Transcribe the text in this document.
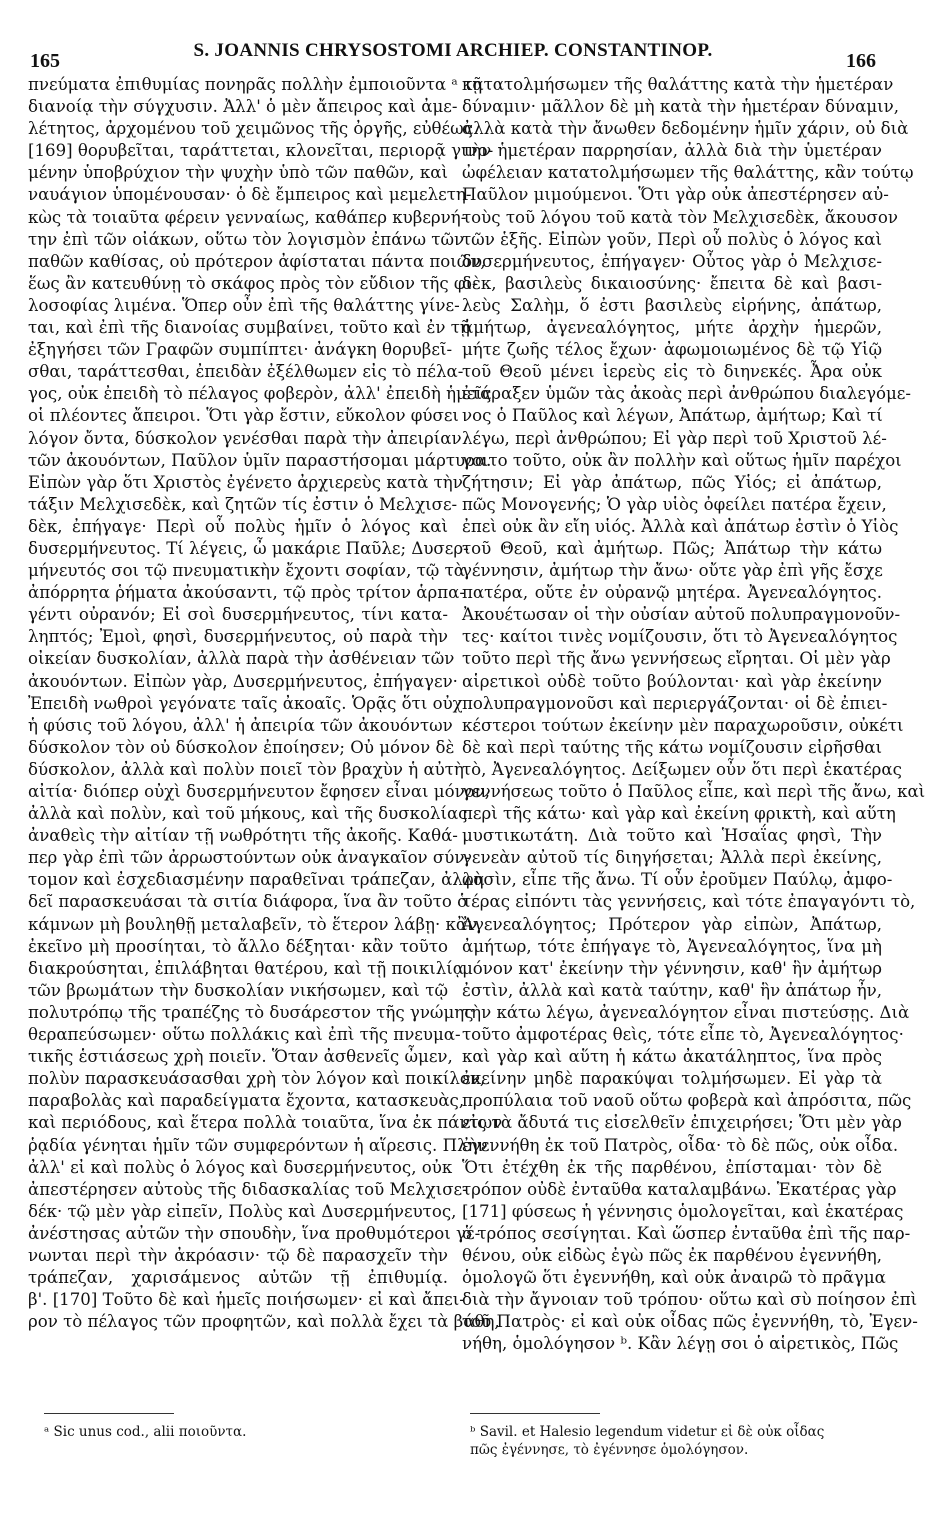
165	S. JOANNIS CHRYSOSTOMI ARCHIEP. CONSTANTINOP.	166
πνεύματα ἐπιθυμίας πονηρᾶς πολλὴν ἐμποιοῦντα ᵃ τῇ
διανοίᾳ τὴν σύγχυσιν. Ἀλλ' ὁ μὲν ἄπειρος καὶ ἀμε-
λέτητος, ἀρχομένου τοῦ χειμῶνος τῆς ὀργῆς, εὐθέως
[169] θορυβεῖται, ταράττεται, κλονεῖται, περιορᾷ γινο-
μένην ὑποβρύχιον τὴν ψυχὴν ὑπὸ τῶν παθῶν, καὶ
ναυάγιον ὑπομένουσαν· ὁ δὲ ἔμπειρος καὶ μεμελετη-
κὼς τὰ τοιαῦτα φέρειν γενναίως, καθάπερ κυβερνή-
την ἐπὶ τῶν οἰάκων, οὕτω τὸν λογισμὸν ἐπάνω τῶν
παθῶν καθίσας, οὐ πρότερον ἀφίσταται πάντα ποιῶν,
ἕως ἂν κατευθύνῃ τὸ σκάφος πρὸς τὸν εὔδιον τῆς φι-
λοσοφίας λιμένα. Ὅπερ οὖν ἐπὶ τῆς θαλάττης γίνε-
ται, καὶ ἐπὶ τῆς διανοίας συμβαίνει, τοῦτο καὶ ἐν τῇ
ἐξηγήσει τῶν Γραφῶν συμπίπτει· ἀνάγκη θορυβεῖ-
σθαι, ταράττεσθαι, ἐπειδὰν ἐξέλθωμεν εἰς τὸ πέλα-
γος, οὐκ ἐπειδὴ τὸ πέλαγος φοβερὸν, ἀλλ' ἐπειδὴ ἡμεῖς
οἱ πλέοντες ἄπειροι. Ὅτι γὰρ ἔστιν, εὔκολον φύσει
λόγον ὄντα, δύσκολον γενέσθαι παρὰ τὴν ἀπειρίαν
τῶν ἀκουόντων, Παῦλον ὑμῖν παραστήσομαι μάρτυρα.
Εἰπὼν γὰρ ὅτι Χριστὸς ἐγένετο ἀρχιερεὺς κατὰ τὴν
τάξιν Μελχισεδὲκ, καὶ ζητῶν τίς ἐστιν ὁ Μελχισε-
δὲκ, ἐπήγαγε· Περὶ οὗ πολὺς ἡμῖν ὁ λόγος καὶ
δυσερμήνευτος. Τί λέγεις, ὦ μακάριε Παῦλε; Δυσερ-
μήνευτός σοι τῷ πνευματικὴν ἔχοντι σοφίαν, τῷ τὰ
ἀπόρρητα ῥήματα ἀκούσαντι, τῷ πρὸς τρίτον ἁρπα-
γέντι οὐρανόν; Εἰ σοὶ δυσερμήνευτος, τίνι κατα-
ληπτός; Ἐμοὶ, φησὶ, δυσερμήνευτος, οὐ παρὰ τὴν
οἰκείαν δυσκολίαν, ἀλλὰ παρὰ τὴν ἀσθένειαν τῶν
ἀκουόντων. Εἰπὼν γὰρ, Δυσερμήνευτος, ἐπήγαγεν·
Ἐπειδὴ νωθροὶ γεγόνατε ταῖς ἀκοαῖς. Ὁρᾷς ὅτι οὐχ
ἡ φύσις τοῦ λόγου, ἀλλ' ἡ ἀπειρία τῶν ἀκουόντων
δύσκολον τὸν οὐ δύσκολον ἐποίησεν; Οὐ μόνον δὲ
δύσκολον, ἀλλὰ καὶ πολὺν ποιεῖ τὸν βραχὺν ἡ αὐτὴ
αἰτία· διόπερ οὐχὶ δυσερμήνευτον ἔφησεν εἶναι μόνον,
ἀλλὰ καὶ πολὺν, καὶ τοῦ μήκους, καὶ τῆς δυσκολίας
ἀναθεὶς τὴν αἰτίαν τῇ νωθρότητι τῆς ἀκοῆς. Καθά-
περ γὰρ ἐπὶ τῶν ἀρρωστούντων οὐκ ἀναγκαῖον σύν-
τομον καὶ ἐσχεδιασμένην παραθεῖναι τράπεζαν, ἀλλὰ
δεῖ παρασκευάσαι τὰ σιτία διάφορα, ἵνα ἂν τοῦτο ὁ
κάμνων μὴ βουληθῇ μεταλαβεῖν, τὸ ἕτερον λάβῃ· κἂν
ἐκεῖνο μὴ προσίηται, τὸ ἄλλο δέξηται· κἂν τοῦτο
διακρούσηται, ἐπιλάβηται θατέρου, καὶ τῇ ποικιλίᾳ
τῶν βρωμάτων τὴν δυσκολίαν νικήσωμεν, καὶ τῷ
πολυτρόπῳ τῆς τραπέζης τὸ δυσάρεστον τῆς γνώμης
θεραπεύσωμεν· οὕτω πολλάκις καὶ ἐπὶ τῆς πνευμα-
τικῆς ἑστιάσεως χρὴ ποιεῖν. Ὅταν ἀσθενεῖς ὦμεν,
πολὺν παρασκευάσασθαι χρὴ τὸν λόγον καὶ ποικίλον,
παραβολὰς καὶ παραδείγματα ἔχοντα, κατασκευὰς,
καὶ περιόδους, καὶ ἕτερα πολλὰ τοιαῦτα, ἵνα ἐκ πάντων
ῥᾳδία γένηται ἡμῖν τῶν συμφερόντων ἡ αἵρεσις. Πλὴν
ἀλλ' εἰ καὶ πολὺς ὁ λόγος καὶ δυσερμήνευτος, οὐκ
ἀπεστέρησεν αὐτοὺς τῆς διδασκαλίας τοῦ Μελχισε-
δέκ· τῷ μὲν γὰρ εἰπεῖν, Πολὺς καὶ Δυσερμήνευτος,
ἀνέστησας αὐτῶν τὴν σπουδὴν, ἵνα προθυμότεροι γέ-
νωνται περὶ τὴν ἀκρόασιν· τῷ δὲ παρασχεῖν τὴν
τράπεζαν, χαρισάμενος αὐτῶν τῇ ἐπιθυμίᾳ.
β'. [170] Τοῦτο δὲ καὶ ἡμεῖς ποιήσωμεν· εἰ καὶ ἄπει-
ρον τὸ πέλαγος τῶν προφητῶν, καὶ πολλὰ ἔχει τὰ βάθη,
κατατολμήσωμεν τῆς θαλάττης κατὰ τὴν ἡμετέραν
δύναμιν· μᾶλλον δὲ μὴ κατὰ τὴν ἡμετέραν δύναμιν,
ἀλλὰ κατὰ τὴν ἄνωθεν δεδομένην ἡμῖν χάριν, οὐ διὰ
τὴν ἡμετέραν παρρησίαν, ἀλλὰ διὰ τὴν ὑμετέραν
ὠφέλειαν κατατολμήσωμεν τῆς θαλάττης, κἂν τούτῳ
Παῦλον μιμούμενοι. Ὅτι γὰρ οὐκ ἀπεστέρησεν αὐ-
τοὺς τοῦ λόγου τοῦ κατὰ τὸν Μελχισεδὲκ, ἄκουσον
τῶν ἑξῆς. Εἰπὼν γοῦν, Περὶ οὗ πολὺς ὁ λόγος καὶ
δυσερμήνευτος, ἐπήγαγεν· Οὗτος γὰρ ὁ Μελχισε-
δὲκ, βασιλεὺς δικαιοσύνης· ἔπειτα δὲ καὶ βασι-
λεὺς Σαλὴμ, ὅ ἐστι βασιλεὺς εἰρήνης, ἀπάτωρ,
ἀμήτωρ, ἀγενεαλόγητος, μήτε ἀρχὴν ἡμερῶν,
μήτε ζωῆς τέλος ἔχων· ἀφωμοιωμένος δὲ τῷ Υἱῷ
τοῦ Θεοῦ μένει ἱερεὺς εἰς τὸ διηνεκές. Ἆρα οὐκ
ἐτάραξεν ὑμῶν τὰς ἀκοὰς περὶ ἀνθρώπου διαλεγόμε-
νος ὁ Παῦλος καὶ λέγων, Ἀπάτωρ, ἀμήτωρ; Καὶ τί
λέγω, περὶ ἀνθρώπου; Εἰ γὰρ περὶ τοῦ Χριστοῦ λέ-
γοιτο τοῦτο, οὐκ ἂν πολλὴν καὶ οὕτως ἡμῖν παρέχοι
ζήτησιν; Εἰ γὰρ ἀπάτωρ, πῶς Υἱός; εἰ ἀπάτωρ,
πῶς Μονογενής; Ὁ γὰρ υἱὸς ὀφείλει πατέρα ἔχειν,
ἐπεὶ οὐκ ἂν εἴη υἱός. Ἀλλὰ καὶ ἀπάτωρ ἐστὶν ὁ Υἱὸς
τοῦ Θεοῦ, καὶ ἀμήτωρ. Πῶς; Ἀπάτωρ τὴν κάτω
γέννησιν, ἀμήτωρ τὴν ἄνω· οὔτε γὰρ ἐπὶ γῆς ἔσχε
πατέρα, οὔτε ἐν οὐρανῷ μητέρα. Ἀγενεαλόγητος.
Ἀκουέτωσαν οἱ τὴν οὐσίαν αὐτοῦ πολυπραγμονοῦν-
τες· καίτοι τινὲς νομίζουσιν, ὅτι τὸ Ἀγενεαλόγητος
τοῦτο περὶ τῆς ἄνω γεννήσεως εἴρηται. Οἱ μὲν γὰρ
αἱρετικοὶ οὐδὲ τοῦτο βούλονται· καὶ γὰρ ἐκείνην
πολυπραγμονοῦσι καὶ περιεργάζονται· οἱ δὲ ἐπιει-
κέστεροι τούτων ἐκείνην μὲν παραχωροῦσιν, οὐκέτι
δὲ καὶ περὶ ταύτης τῆς κάτω νομίζουσιν εἰρῆσθαι
τὸ, Ἀγενεαλόγητος. Δείξωμεν οὖν ὅτι περὶ ἑκατέρας
γεννήσεως τοῦτο ὁ Παῦλος εἶπε, καὶ περὶ τῆς ἄνω, καὶ
περὶ τῆς κάτω· καὶ γὰρ καὶ ἐκείνη φρικτὴ, καὶ αὕτη
μυστικωτάτη. Διὰ τοῦτο καὶ Ἡσαΐας φησὶ, Τὴν
γενεὰν αὐτοῦ τίς διηγήσεται; Ἀλλὰ περὶ ἐκείνης,
φησὶν, εἶπε τῆς ἄνω. Τί οὖν ἐροῦμεν Παύλῳ, ἀμφο-
τέρας εἰπόντι τὰς γεννήσεις, καὶ τότε ἐπαγαγόντι τὸ,
Ἀγενεαλόγητος; Πρότερον γὰρ εἰπὼν, Ἀπάτωρ,
ἀμήτωρ, τότε ἐπήγαγε τὸ, Ἀγενεαλόγητος, ἵνα μὴ
μόνον κατ' ἐκείνην τὴν γέννησιν, καθ' ἣν ἀμήτωρ
ἐστὶν, ἀλλὰ καὶ κατὰ ταύτην, καθ' ἣν ἀπάτωρ ἦν,
τὴν κάτω λέγω, ἀγενεαλόγητον εἶναι πιστεύσῃς. Διὰ
τοῦτο ἀμφοτέρας θεὶς, τότε εἶπε τὸ, Ἀγενεαλόγητος·
καὶ γὰρ καὶ αὕτη ἡ κάτω ἀκατάληπτος, ἵνα πρὸς
ἐκείνην μηδὲ παρακύψαι τολμήσωμεν. Εἰ γὰρ τὰ
προπύλαια τοῦ ναοῦ οὕτω φοβερὰ καὶ ἀπρόσιτα, πῶς
εἰς τὰ ἄδυτά τις εἰσελθεῖν ἐπιχειρήσει; Ὅτι μὲν γὰρ
ἐγεννήθη ἐκ τοῦ Πατρὸς, οἶδα· τὸ δὲ πῶς, οὐκ οἶδα.
Ὅτι ἐτέχθη ἐκ τῆς παρθένου, ἐπίσταμαι· τὸν δὲ
τρόπον οὐδὲ ἐνταῦθα καταλαμβάνω. Ἑκατέρας γὰρ
[171] φύσεως ἡ γέννησις ὁμολογεῖται, καὶ ἑκατέρας
ὁ τρόπος σεσίγηται. Καὶ ὥσπερ ἐνταῦθα ἐπὶ τῆς παρ-
θένου, οὐκ εἰδὼς ἐγὼ πῶς ἐκ παρθένου ἐγεννήθη,
ὁμολογῶ ὅτι ἐγεννήθη, καὶ οὐκ ἀναιρῶ τὸ πρᾶγμα
διὰ τὴν ἄγνοιαν τοῦ τρόπου· οὕτω καὶ σὺ ποίησον ἐπὶ
τοῦ Πατρὸς· εἰ καὶ οὐκ οἶδας πῶς ἐγεννήθη, τὸ, Ἐγεν-
νήθη, ὁμολόγησον ᵇ. Κἂν λέγῃ σοι ὁ αἱρετικὸς, Πῶς
ᵃ Sic unus cod., alii ποιοῦντα.	ᵇ Savil. et Halesio legendum videtur εἰ δὲ οὐκ οἶδας
πῶς ἐγέννησε, τὸ ἐγέννησε ὁμολόγησον.
